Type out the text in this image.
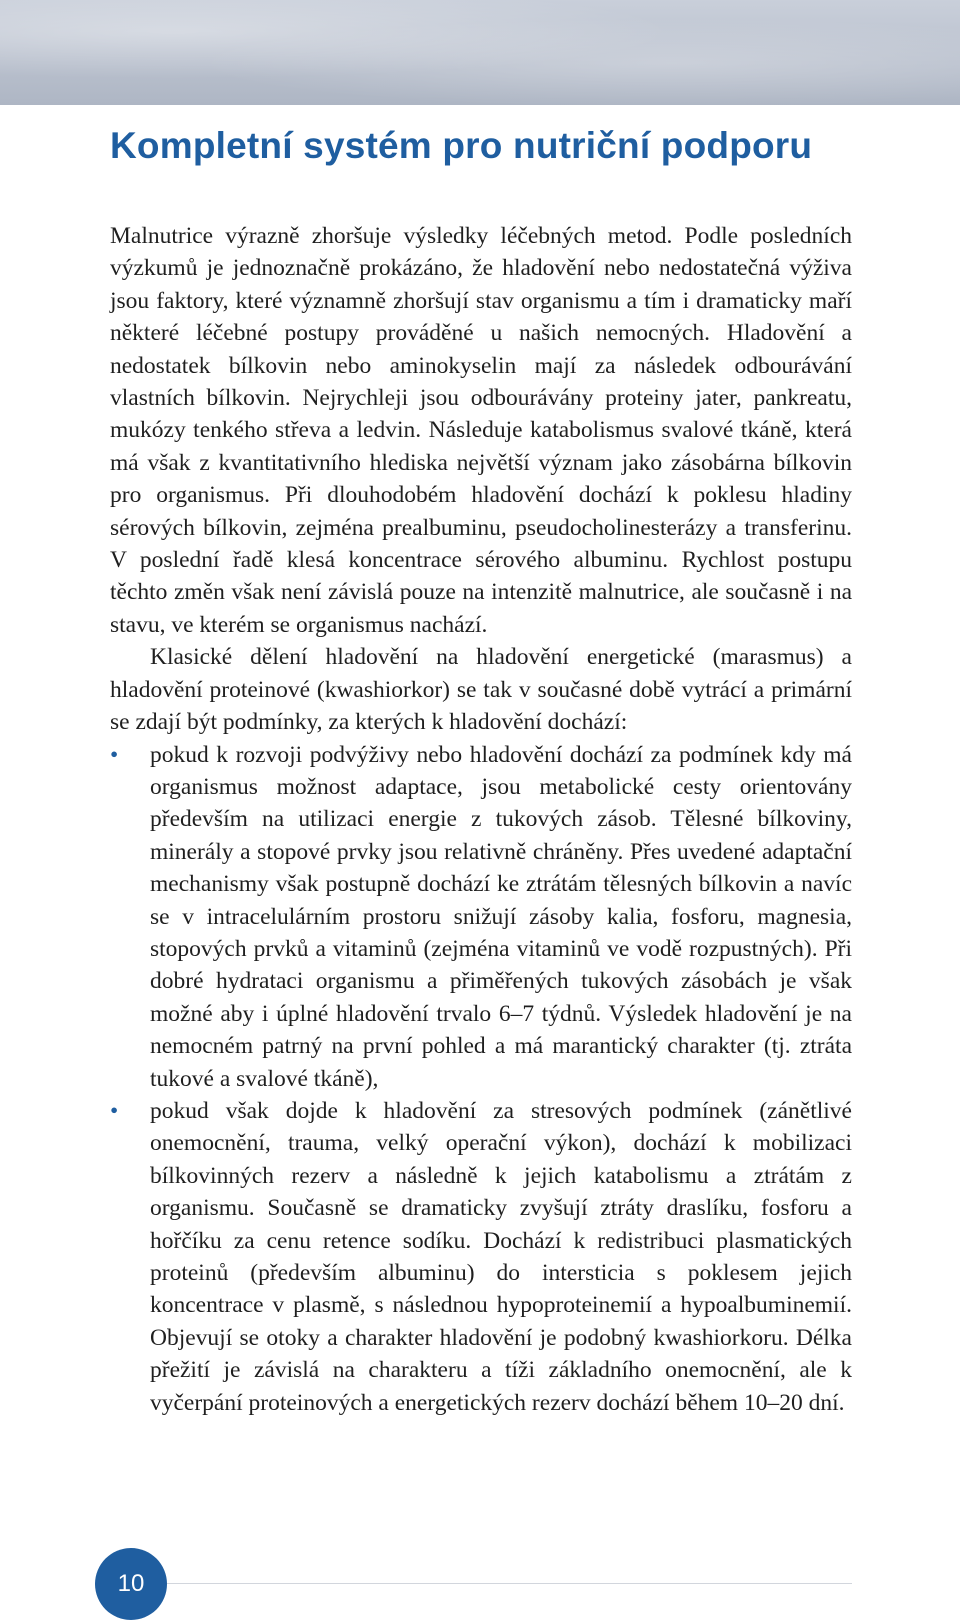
Kompletní systém pro nutriční podporu

Malnutrice výrazně zhoršuje výsledky léčebných metod. Podle posledních výzkumů je jednoznačně prokázáno, že hladovění nebo nedostatečná výživa jsou faktory, které významně zhoršují stav organismu a tím i dramaticky maří některé léčebné postupy prováděné u našich nemocných. Hladovění a nedostatek bílkovin nebo aminokyselin mají za následek odbourávání vlastních bílkovin. Nejrychleji jsou odbourávány proteiny jater, pankreatu, mukózy tenkého střeva a ledvin. Následuje katabolismus svalové tkáně, která má však z kvantitativního hlediska největší význam jako zásobárna bílkovin pro organismus. Při dlouhodobém hladovění dochází k poklesu hladiny sérových bílkovin, zejména prealbuminu, pseudocholinesterázy a transferinu. V poslední řadě klesá koncentrace sérového albuminu. Rychlost postupu těchto změn však není závislá pouze na intenzitě malnutrice, ale současně i na stavu, ve kterém se organismus nachází.

Klasické dělení hladovění na hladovění energetické (marasmus) a hladovění proteinové (kwashiorkor) se tak v současné době vytrácí a primární se zdají být podmínky, za kterých k hladovění dochází:

•	pokud k rozvoji podvýživy nebo hladovění dochází za podmínek kdy má organismus možnost adaptace, jsou metabolické cesty orientovány především na utilizaci energie z tukových zásob. Tělesné bílkoviny, minerály a stopové prvky jsou relativně chráněny. Přes uvedené adaptační mechanismy však postupně dochází ke ztrátám tělesných bílkovin a navíc se v intracelulárním prostoru snižují zásoby kalia, fosforu, magnesia, stopových prvků a vitaminů (zejména vitaminů ve vodě rozpustných). Při dobré hydrataci organismu a přiměřených tukových zásobách je však možné aby i úplné hladovění trvalo 6–7 týdnů. Výsledek hladovění je na nemocném patrný na první pohled a má marantický charakter (tj. ztráta tukové a svalové tkáně),
•	pokud však dojde k hladovění za stresových podmínek (zánětlivé onemocnění, trauma, velký operační výkon), dochází k mobilizaci bílkovinných rezerv a následně k jejich katabolismu a ztrátám z organismu. Současně se dramaticky zvyšují ztráty draslíku, fosforu a hořčíku za cenu retence sodíku. Dochází k redistribuci plasmatických proteinů (především albuminu) do intersticia s poklesem jejich koncentrace v plasmě, s následnou hypoproteinemií a hypoalbuminemií. Objevují se otoky a charakter hladovění je podobný kwashiorkoru. Délka přežití je závislá na charakteru a tíži základního onemocnění, ale k vyčerpání proteinových a energetických rezerv dochází během 10–20 dní.
10
